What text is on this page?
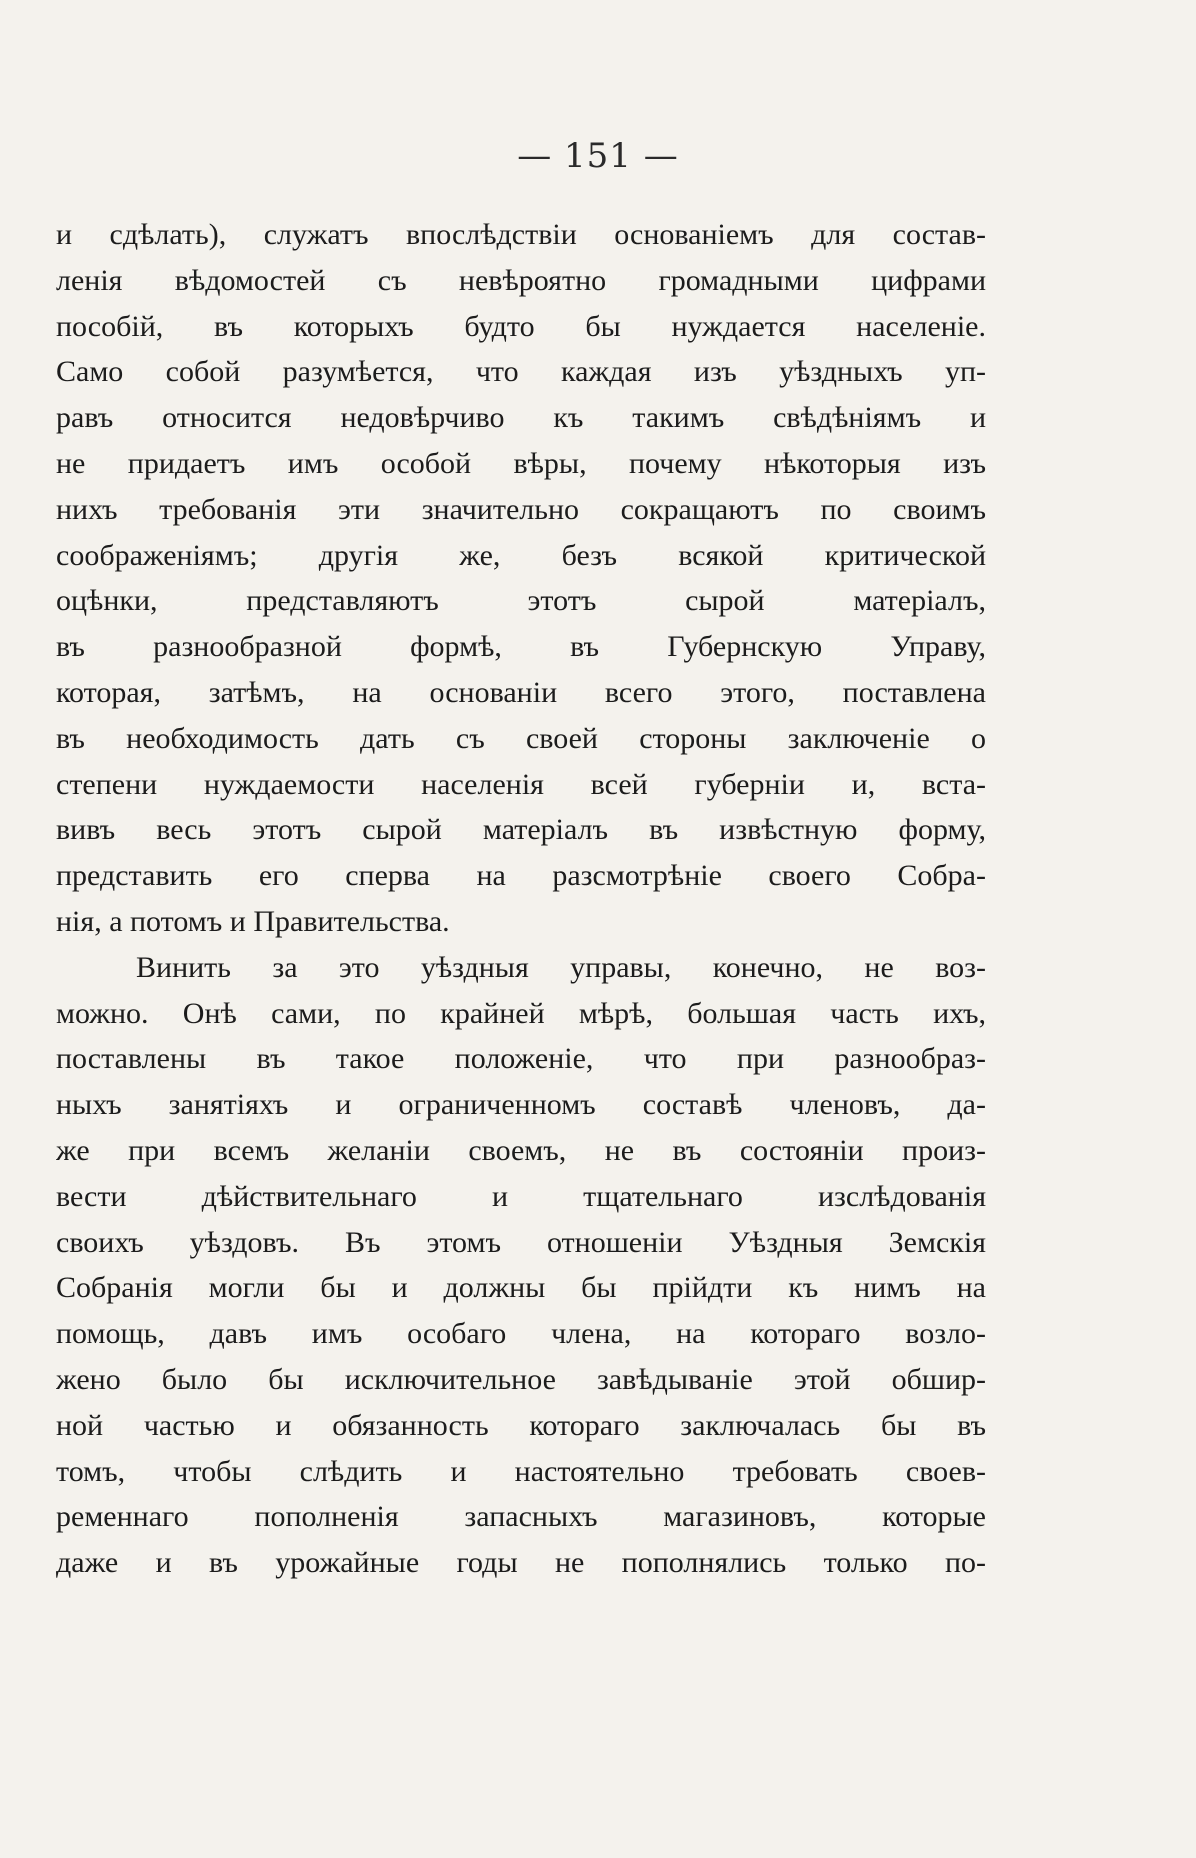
— 151 —
и сдѣлать), служатъ впослѣдствіи основаніемъ для состав-
ленія вѣдомостей съ невѣроятно громадными цифрами
пособій, въ которыхъ будто бы нуждается населеніе.
Само собой разумѣется, что каждая изъ уѣздныхъ уп-
равъ относится недовѣрчиво къ такимъ свѣдѣніямъ и
не придаетъ имъ особой вѣры, почему нѣкоторыя изъ
нихъ требованія эти значительно сокращаютъ по своимъ
соображеніямъ; другія же, безъ всякой критической
оцѣнки, представляютъ этотъ сырой матеріалъ,
въ разнообразной формѣ, въ Губернскую Управу,
которая, затѣмъ, на основаніи всего этого, поставлена
въ необходимость дать съ своей стороны заключеніе о
степени нуждаемости населенія всей губерніи и, вста-
вивъ весь этотъ сырой матеріалъ въ извѣстную форму,
представить его сперва на разсмотрѣніе своего Собра-
нія, а потомъ и Правительства.
Винить за это уѣздныя управы, конечно, не воз-
можно. Онѣ сами, по крайней мѣрѣ, большая часть ихъ,
поставлены въ такое положеніе, что при разнообраз-
ныхъ занятіяхъ и ограниченномъ составѣ членовъ, да-
же при всемъ желаніи своемъ, не въ состояніи произ-
вести дѣйствительнаго и тщательнаго изслѣдованія
своихъ уѣздовъ. Въ этомъ отношеніи Уѣздныя Земскія
Собранія могли бы и должны бы прійдти къ нимъ на
помощь, давъ имъ особаго члена, на котораго возло-
жено было бы исключительное завѣдываніе этой обшир-
ной частью и обязанность котораго заключалась бы въ
томъ, чтобы слѣдить и настоятельно требовать своев-
ременнаго пополненія запасныхъ магазиновъ, которые
даже и въ урожайные годы не пополнялись только по-
